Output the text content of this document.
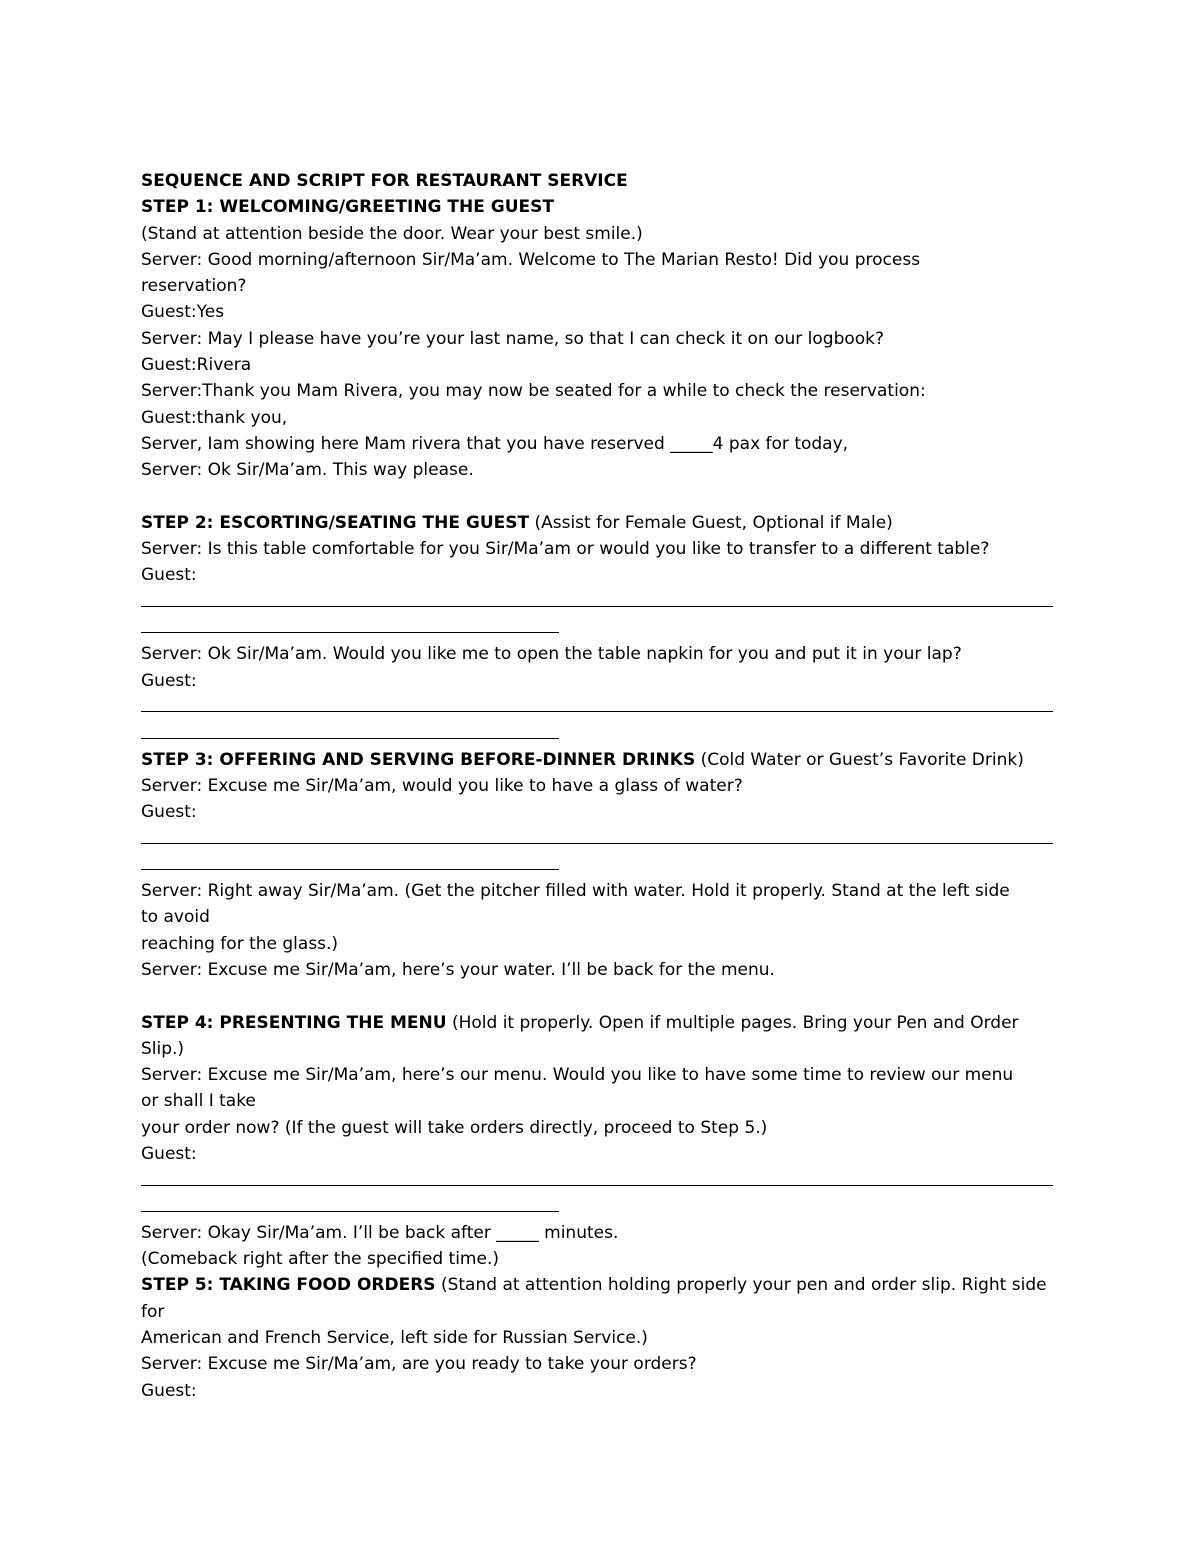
SEQUENCE AND SCRIPT FOR RESTAURANT SERVICE
STEP 1: WELCOMING/GREETING THE GUEST
(Stand at attention beside the door. Wear your best smile.)
Server: Good morning/afternoon Sir/Ma’am. Welcome to The Marian Resto! Did you process
reservation?
Guest:Yes
Server: May I please have you’re your last name, so that I can check it on our logbook?
Guest:Rivera
Server:Thank you Mam Rivera, you may now be seated for a while to check the reservation:
Guest:thank you,
Server, Iam showing here Mam rivera that you have reserved _____4 pax for today,
Server: Ok Sir/Ma’am. This way please.
STEP 2: ESCORTING/SEATING THE GUEST (Assist for Female Guest, Optional if Male)
Server: Is this table comfortable for you Sir/Ma’am or would you like to transfer to a different table?
Guest:
Server: Ok Sir/Ma’am. Would you like me to open the table napkin for you and put it in your lap?
Guest:
STEP 3: OFFERING AND SERVING BEFORE-DINNER DRINKS (Cold Water or Guest’s Favorite Drink)
Server: Excuse me Sir/Ma’am, would you like to have a glass of water?
Guest:
Server: Right away Sir/Ma’am. (Get the pitcher filled with water. Hold it properly. Stand at the left side
to avoid
reaching for the glass.)
Server: Excuse me Sir/Ma’am, here’s your water. I’ll be back for the menu.
STEP 4: PRESENTING THE MENU (Hold it properly. Open if multiple pages. Bring your Pen and Order
Slip.)
Server: Excuse me Sir/Ma’am, here’s our menu. Would you like to have some time to review our menu
or shall I take
your order now? (If the guest will take orders directly, proceed to Step 5.)
Guest:
Server: Okay Sir/Ma’am. I’ll be back after _____ minutes.
(Comeback right after the specified time.)
STEP 5: TAKING FOOD ORDERS (Stand at attention holding properly your pen and order slip. Right side
for
American and French Service, left side for Russian Service.)
Server: Excuse me Sir/Ma’am, are you ready to take your orders?
Guest:
